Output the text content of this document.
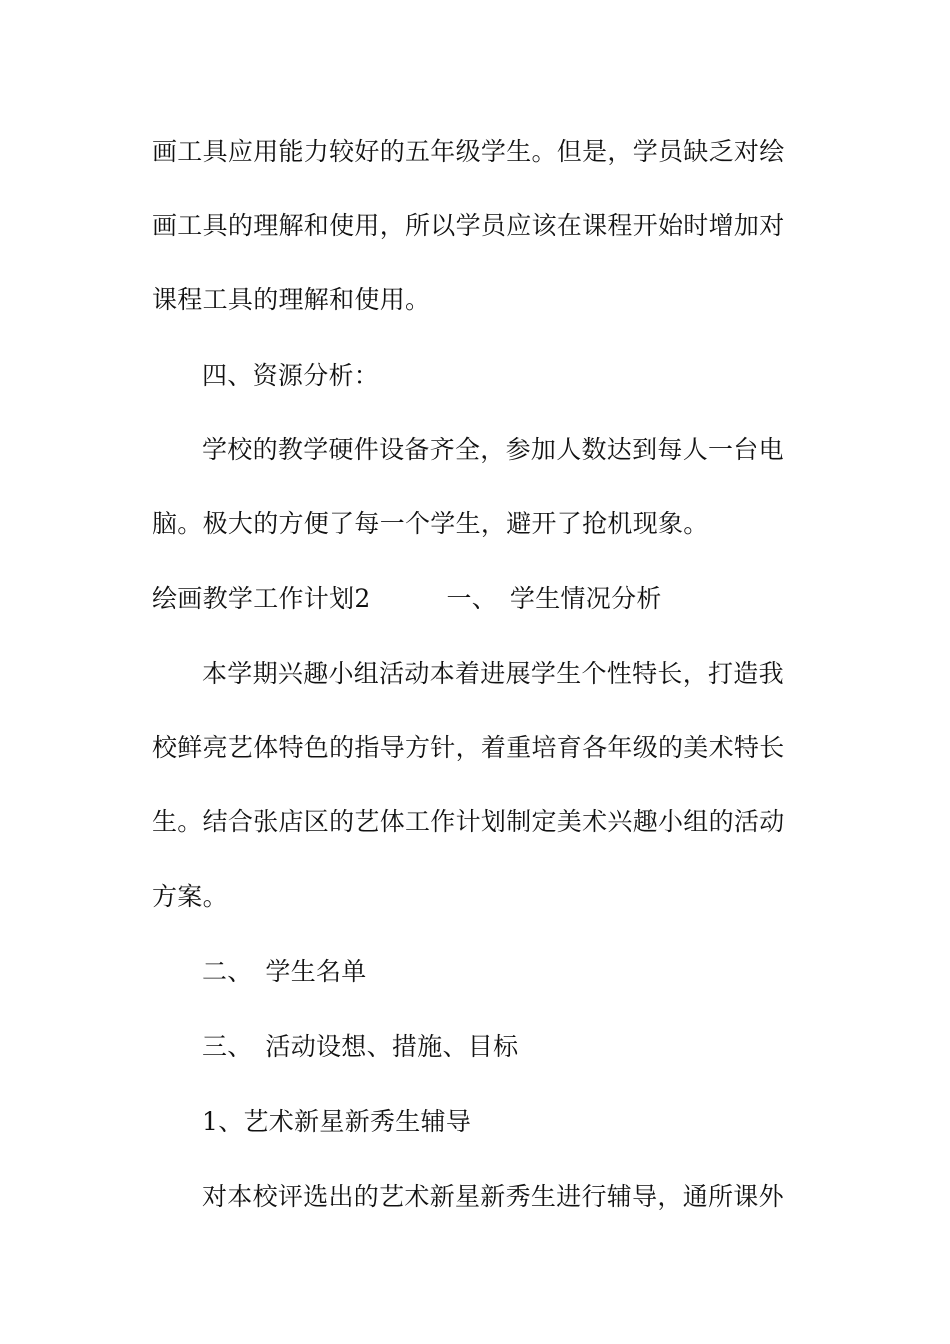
画工具应用能力较好的五年级学生。但是，学员缺乏对绘
画工具的理解和使用，所以学员应该在课程开始时增加对
课程工具的理解和使用。
四、资源分析：
学校的教学硬件设备齐全，参加人数达到每人一台电
脑。极大的方便了每一个学生，避开了抢机现象。
绘画教学工作计划2　　　一、　学生情况分析
本学期兴趣小组活动本着进展学生个性特长，打造我
校鲜亮艺体特色的指导方针，着重培育各年级的美术特长
生。结合张店区的艺体工作计划制定美术兴趣小组的活动
方案。
二、　学生名单
三、　活动设想、措施、目标
1、艺术新星新秀生辅导
对本校评选出的艺术新星新秀生进行辅导，通所课外
